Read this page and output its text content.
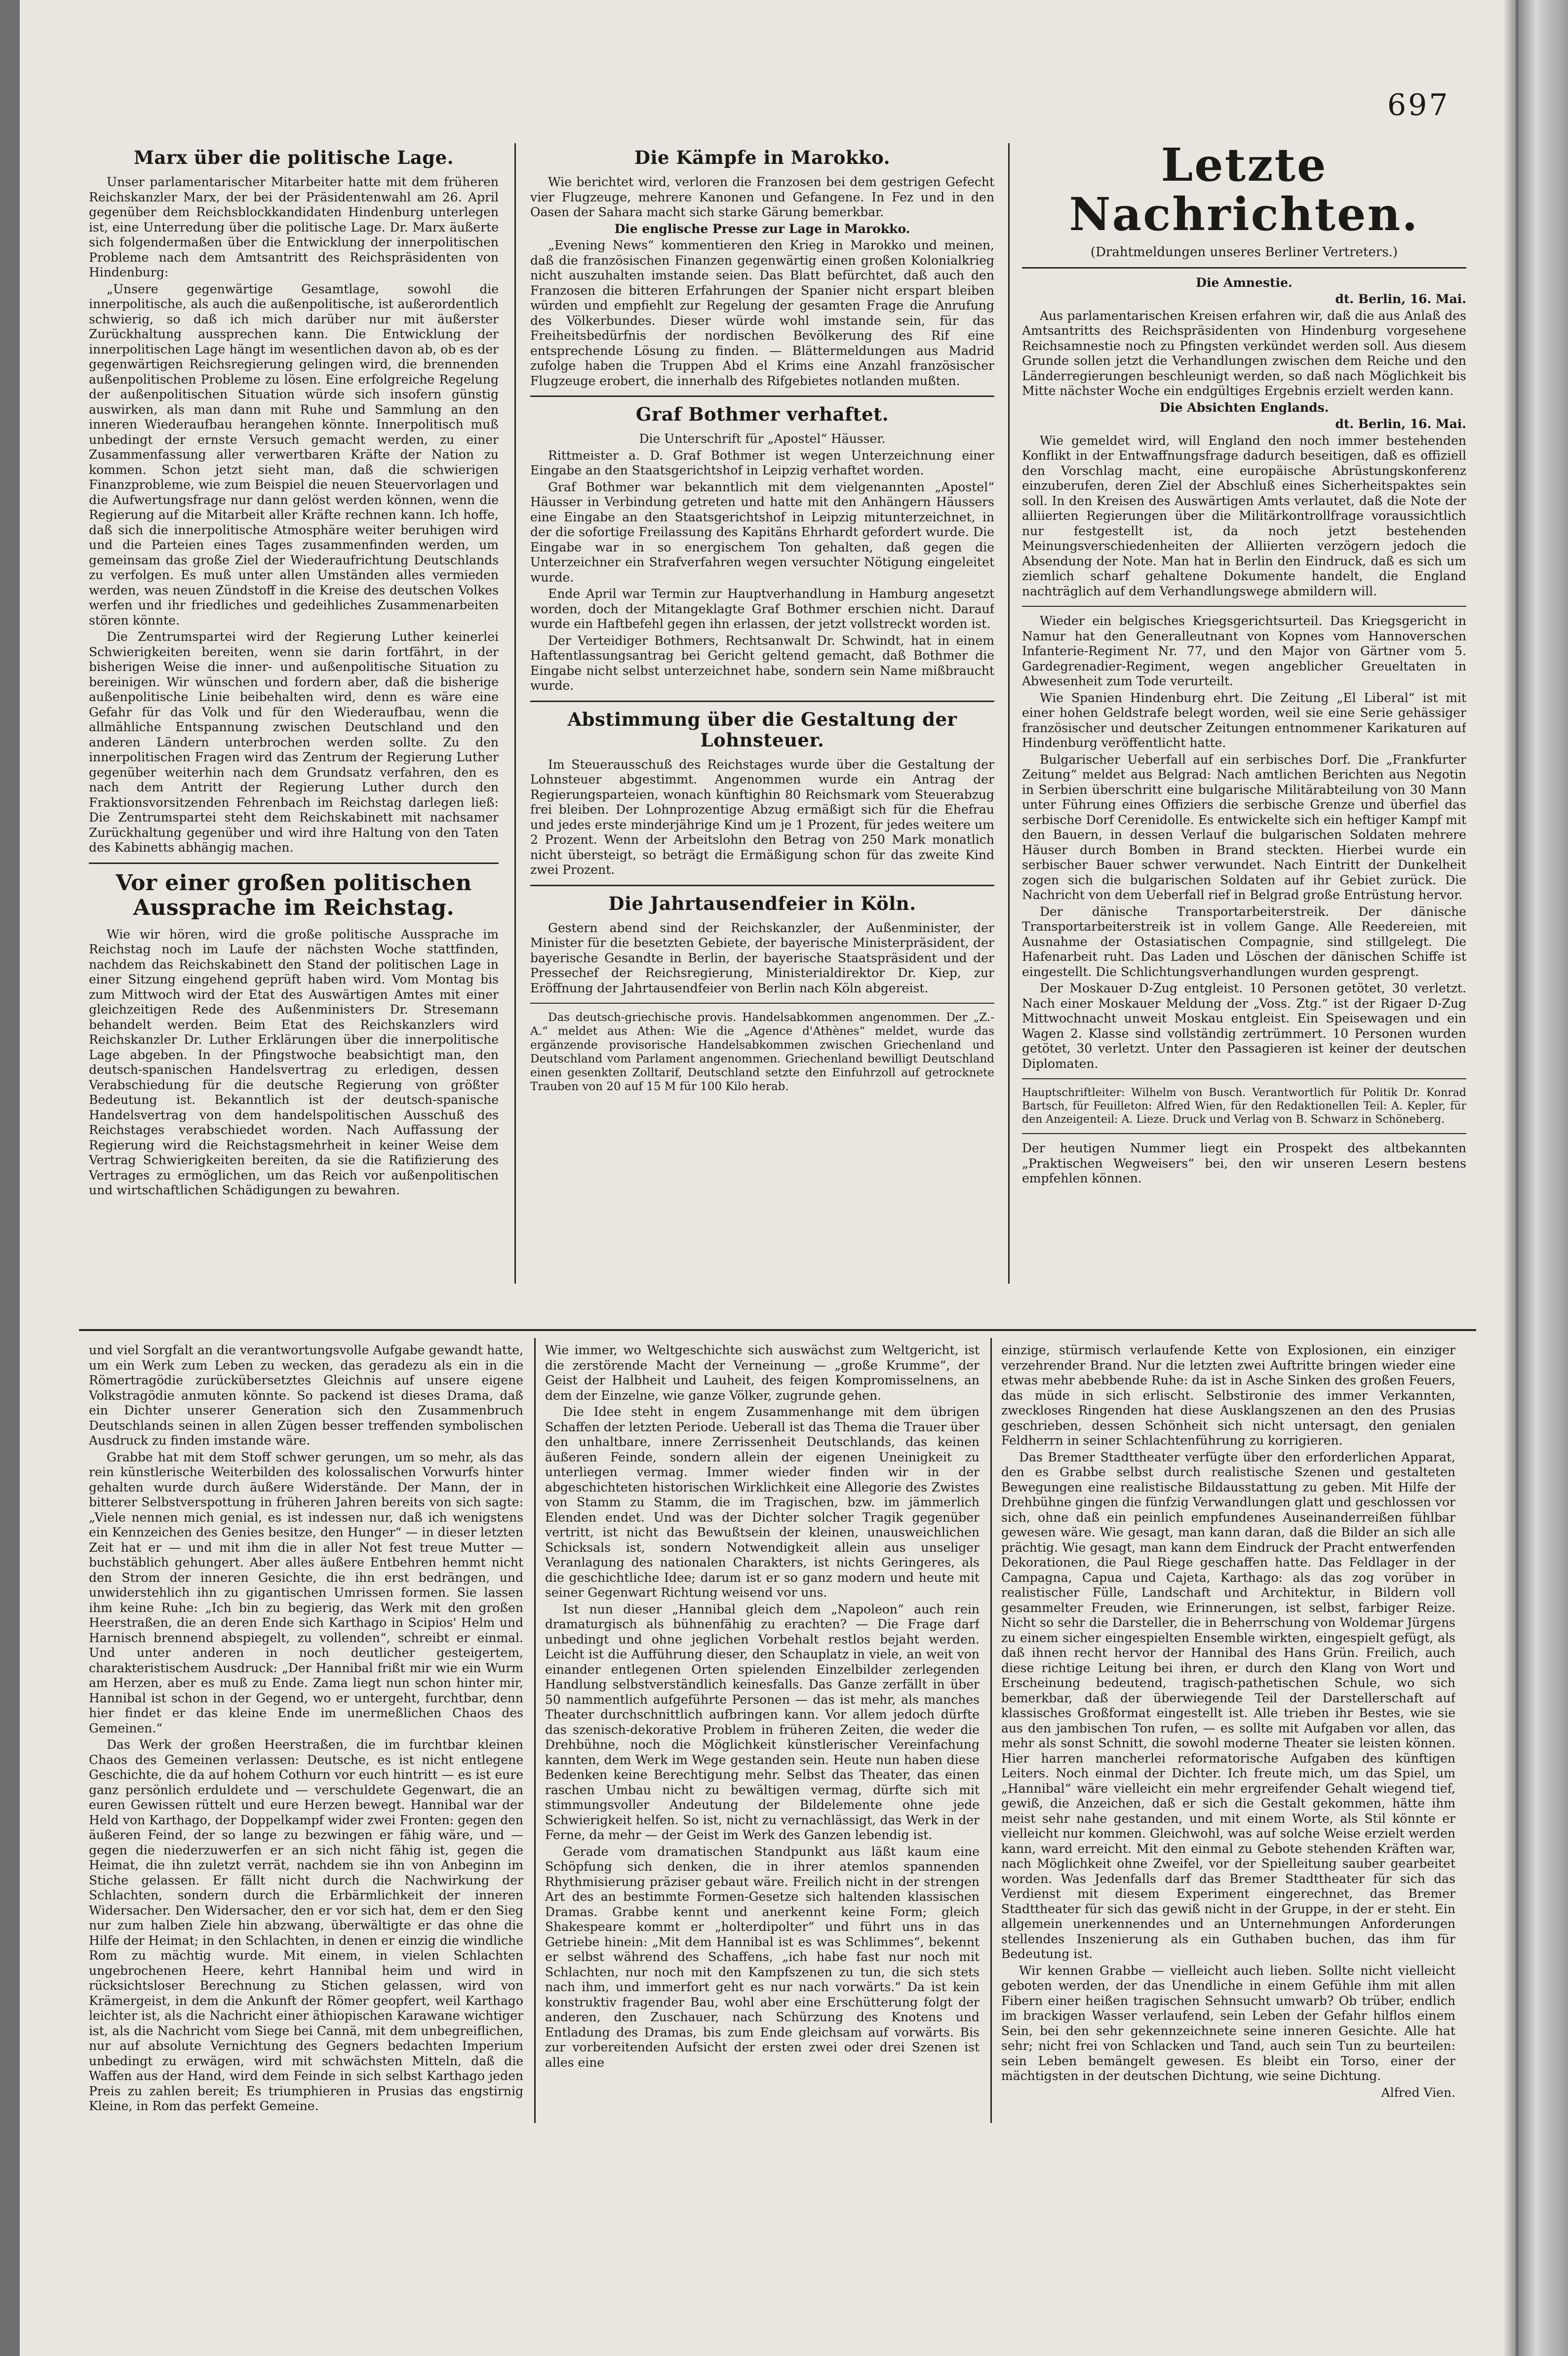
697
Marx über die politische Lage.

Unser parlamentarischer Mitarbeiter hatte mit dem früheren Reichskanzler Marx, der bei der Präsidentenwahl am 26. April gegenüber dem Reichsblockkandidaten Hindenburg unterlegen ist, eine Unterredung über die politische Lage. Dr. Marx äußerte sich folgendermaßen über die Entwicklung der innerpolitischen Probleme nach dem Amtsantritt des Reichspräsidenten von Hindenburg:

„Unsere gegenwärtige Gesamtlage, sowohl die innerpolitische, als auch die außenpolitische, ist außerordentlich schwierig, so daß ich mich darüber nur mit äußerster Zurückhaltung aussprechen kann. Die Entwicklung der innerpolitischen Lage hängt im wesentlichen davon ab, ob es der gegenwärtigen Reichsregierung gelingen wird, die brennenden außenpolitischen Probleme zu lösen. Eine erfolgreiche Regelung der außenpolitischen Situation würde sich insofern günstig auswirken, als man dann mit Ruhe und Sammlung an den inneren Wiederaufbau herangehen könnte. Innerpolitisch muß unbedingt der ernste Versuch gemacht werden, zu einer Zusammenfassung aller verwertbaren Kräfte der Nation zu kommen. Schon jetzt sieht man, daß die schwierigen Finanzprobleme, wie zum Beispiel die neuen Steuervorlagen und die Aufwertungsfrage nur dann gelöst werden können, wenn die Regierung auf die Mitarbeit aller Kräfte rechnen kann. Ich hoffe, daß sich die innerpolitische Atmosphäre weiter beruhigen wird und die Parteien eines Tages zusammenfinden werden, um gemeinsam das große Ziel der Wiederaufrichtung Deutschlands zu verfolgen. Es muß unter allen Umständen alles vermieden werden, was neuen Zündstoff in die Kreise des deutschen Volkes werfen und ihr friedliches und gedeihliches Zusammenarbeiten stören könnte.

Die Zentrumspartei wird der Regierung Luther keinerlei Schwierigkeiten bereiten, wenn sie darin fortfährt, in der bisherigen Weise die inner- und außenpolitische Situation zu bereinigen. Wir wünschen und fordern aber, daß die bisherige außenpolitische Linie beibehalten wird, denn es wäre eine Gefahr für das Volk und für den Wiederaufbau, wenn die allmähliche Entspannung zwischen Deutschland und den anderen Ländern unterbrochen werden sollte. Zu den innerpolitischen Fragen wird das Zentrum der Regierung Luther gegenüber weiterhin nach dem Grundsatz verfahren, den es nach dem Antritt der Regierung Luther durch den Fraktionsvorsitzenden Fehrenbach im Reichstag darlegen ließ: Die Zentrumspartei steht dem Reichskabinett mit nachsamer Zurückhaltung gegenüber und wird ihre Haltung von den Taten des Kabinetts abhängig machen.

Vor einer großen politischen Aussprache im Reichstag.

Wie wir hören, wird die große politische Aussprache im Reichstag noch im Laufe der nächsten Woche stattfinden, nachdem das Reichskabinett den Stand der politischen Lage in einer Sitzung eingehend geprüft haben wird. Vom Montag bis zum Mittwoch wird der Etat des Auswärtigen Amtes mit einer gleichzeitigen Rede des Außenministers Dr. Stresemann behandelt werden. Beim Etat des Reichskanzlers wird Reichskanzler Dr. Luther Erklärungen über die innerpolitische Lage abgeben. In der Pfingstwoche beabsichtigt man, den deutsch-spanischen Handelsvertrag zu erledigen, dessen Verabschiedung für die deutsche Regierung von größter Bedeutung ist. Bekanntlich ist der deutsch-spanische Handelsvertrag von dem handelspolitischen Ausschuß des Reichstages verabschiedet worden. Nach Auffassung der Regierung wird die Reichstagsmehrheit in keiner Weise dem Vertrag Schwierigkeiten bereiten, da sie die Ratifizierung des Vertrages zu ermöglichen, um das Reich vor außenpolitischen und wirtschaftlichen Schädigungen zu bewahren.

Die Kämpfe in Marokko.

Wie berichtet wird, verloren die Franzosen bei dem gestrigen Gefecht vier Flugzeuge, mehrere Kanonen und Gefangene. In Fez und in den Oasen der Sahara macht sich starke Gärung bemerkbar.

Die englische Presse zur Lage in Marokko.

„Evening News“ kommentieren den Krieg in Marokko und meinen, daß die französischen Finanzen gegenwärtig einen großen Kolonialkrieg nicht auszuhalten imstande seien. Das Blatt befürchtet, daß auch den Franzosen die bitteren Erfahrungen der Spanier nicht erspart bleiben würden und empfiehlt zur Regelung der gesamten Frage die Anrufung des Völkerbundes. Dieser würde wohl imstande sein, für das Freiheitsbedürfnis der nordischen Bevölkerung des Rif eine entsprechende Lösung zu finden. — Blättermeldungen aus Madrid zufolge haben die Truppen Abd el Krims eine Anzahl französischer Flugzeuge erobert, die innerhalb des Rifgebietes notlanden mußten.

Graf Bothmer verhaftet.

Die Unterschrift für „Apostel“ Häusser.

Rittmeister a. D. Graf Bothmer ist wegen Unterzeichnung einer Eingabe an den Staatsgerichtshof in Leipzig verhaftet worden.

Graf Bothmer war bekanntlich mit dem vielgenannten „Apostel“ Häusser in Verbindung getreten und hatte mit den Anhängern Häussers eine Eingabe an den Staatsgerichtshof in Leipzig mitunterzeichnet, in der die sofortige Freilassung des Kapitäns Ehrhardt gefordert wurde. Die Eingabe war in so energischem Ton gehalten, daß gegen die Unterzeichner ein Strafverfahren wegen versuchter Nötigung eingeleitet wurde.

Ende April war Termin zur Hauptverhandlung in Hamburg angesetzt worden, doch der Mitangeklagte Graf Bothmer erschien nicht. Darauf wurde ein Haftbefehl gegen ihn erlassen, der jetzt vollstreckt worden ist.

Der Verteidiger Bothmers, Rechtsanwalt Dr. Schwindt, hat in einem Haftentlassungsantrag bei Gericht geltend gemacht, daß Bothmer die Eingabe nicht selbst unterzeichnet habe, sondern sein Name mißbraucht wurde.

Abstimmung über die Gestaltung der Lohnsteuer.

Im Steuerausschuß des Reichstages wurde über die Gestaltung der Lohnsteuer abgestimmt. Angenommen wurde ein Antrag der Regierungsparteien, wonach künftighin 80 Reichsmark vom Steuerabzug frei bleiben. Der Lohnprozentige Abzug ermäßigt sich für die Ehefrau und jedes erste minderjährige Kind um je 1 Prozent, für jedes weitere um 2 Prozent. Wenn der Arbeitslohn den Betrag von 250 Mark monatlich nicht übersteigt, so beträgt die Ermäßigung schon für das zweite Kind zwei Prozent.

Die Jahrtausendfeier in Köln.

Gestern abend sind der Reichskanzler, der Außenminister, der Minister für die besetzten Gebiete, der bayerische Ministerpräsident, der bayerische Gesandte in Berlin, der bayerische Staatspräsident und der Pressechef der Reichsregierung, Ministerialdirektor Dr. Kiep, zur Eröffnung der Jahrtausendfeier von Berlin nach Köln abgereist.

Das deutsch-griechische provis. Handelsabkommen angenommen. Der „Z.-A.“ meldet aus Athen: Wie die „Agence d'Athènes“ meldet, wurde das ergänzende provisorische Handelsabkommen zwischen Griechenland und Deutschland vom Parlament angenommen. Griechenland bewilligt Deutschland einen gesenkten Zolltarif, Deutschland setzte den Einfuhrzoll auf getrocknete Trauben von 20 auf 15 M für 100 Kilo herab.

Letzte Nachrichten.
(Drahtmeldungen unseres Berliner Vertreters.)

Die Amnestie.

dt. Berlin, 16. Mai.

Aus parlamentarischen Kreisen erfahren wir, daß die aus Anlaß des Amtsantritts des Reichspräsidenten von Hindenburg vorgesehene Reichsamnestie noch zu Pfingsten verkündet werden soll. Aus diesem Grunde sollen jetzt die Verhandlungen zwischen dem Reiche und den Länderregierungen beschleunigt werden, so daß nach Möglichkeit bis Mitte nächster Woche ein endgültiges Ergebnis erzielt werden kann.

Die Absichten Englands.

dt. Berlin, 16. Mai.

Wie gemeldet wird, will England den noch immer bestehenden Konflikt in der Entwaffnungsfrage dadurch beseitigen, daß es offiziell den Vorschlag macht, eine europäische Abrüstungskonferenz einzuberufen, deren Ziel der Abschluß eines Sicherheitspaktes sein soll. In den Kreisen des Auswärtigen Amts verlautet, daß die Note der alliierten Regierungen über die Militärkontrollfrage voraussichtlich nur festgestellt ist, da noch jetzt bestehenden Meinungsverschiedenheiten der Alliierten verzögern jedoch die Absendung der Note. Man hat in Berlin den Eindruck, daß es sich um ziemlich scharf gehaltene Dokumente handelt, die England nachträglich auf dem Verhandlungswege abmildern will.

Wieder ein belgisches Kriegsgerichtsurteil. Das Kriegsgericht in Namur hat den Generalleutnant von Kopnes vom Hannoverschen Infanterie-Regiment Nr. 77, und den Major von Gärtner vom 5. Gardegrenadier-Regiment, wegen angeblicher Greueltaten in Abwesenheit zum Tode verurteilt.

Wie Spanien Hindenburg ehrt. Die Zeitung „El Liberal“ ist mit einer hohen Geldstrafe belegt worden, weil sie eine Serie gehässiger französischer und deutscher Zeitungen entnommener Karikaturen auf Hindenburg veröffentlicht hatte.

Bulgarischer Ueberfall auf ein serbisches Dorf. Die „Frankfurter Zeitung“ meldet aus Belgrad: Nach amtlichen Berichten aus Negotin in Serbien überschritt eine bulgarische Militärabteilung von 30 Mann unter Führung eines Offiziers die serbische Grenze und überfiel das serbische Dorf Cerenidolle. Es entwickelte sich ein heftiger Kampf mit den Bauern, in dessen Verlauf die bulgarischen Soldaten mehrere Häuser durch Bomben in Brand steckten. Hierbei wurde ein serbischer Bauer schwer verwundet. Nach Eintritt der Dunkelheit zogen sich die bulgarischen Soldaten auf ihr Gebiet zurück. Die Nachricht von dem Ueberfall rief in Belgrad große Entrüstung hervor.

Der dänische Transportarbeiterstreik. Der dänische Transportarbeiterstreik ist in vollem Gange. Alle Reedereien, mit Ausnahme der Ostasiatischen Compagnie, sind stillgelegt. Die Hafenarbeit ruht. Das Laden und Löschen der dänischen Schiffe ist eingestellt. Die Schlichtungsverhandlungen wurden gesprengt.

Der Moskauer D-Zug entgleist. 10 Personen getötet, 30 verletzt. Nach einer Moskauer Meldung der „Voss. Ztg.“ ist der Rigaer D-Zug Mittwochnacht unweit Moskau entgleist. Ein Speisewagen und ein Wagen 2. Klasse sind vollständig zertrümmert. 10 Personen wurden getötet, 30 verletzt. Unter den Passagieren ist keiner der deutschen Diplomaten.

Hauptschriftleiter: Wilhelm von Busch. Verantwortlich für Politik Dr. Konrad Bartsch, für Feuilleton: Alfred Wien, für den Redaktionellen Teil: A. Kepler, für den Anzeigenteil: A. Lieze. Druck und Verlag von B. Schwarz in Schöneberg.

Der heutigen Nummer liegt ein Prospekt des altbekannten „Praktischen Wegweisers“ bei, den wir unseren Lesern bestens empfehlen können.

und viel Sorgfalt an die verantwortungsvolle Aufgabe gewandt hatte, um ein Werk zum Leben zu wecken, das geradezu als ein in die Römertragödie zurückübersetztes Gleichnis auf unsere eigene Volkstragödie anmuten könnte. So packend ist dieses Drama, daß ein Dichter unserer Generation sich den Zusammenbruch Deutschlands seinen in allen Zügen besser treffenden symbolischen Ausdruck zu finden imstande wäre.

Grabbe hat mit dem Stoff schwer gerungen, um so mehr, als das rein künstlerische Weiterbilden des kolossalischen Vorwurfs hinter gehalten wurde durch äußere Widerstände. Der Mann, der in bitterer Selbstverspottung in früheren Jahren bereits von sich sagte: „Viele nennen mich genial, es ist indessen nur, daß ich wenigstens ein Kennzeichen des Genies besitze, den Hunger“ — in dieser letzten Zeit hat er — und mit ihm die in aller Not fest treue Mutter — buchstäblich gehungert. Aber alles äußere Entbehren hemmt nicht den Strom der inneren Gesichte, die ihn erst bedrängen, und unwiderstehlich ihn zu gigantischen Umrissen formen. Sie lassen ihm keine Ruhe: „Ich bin zu begierig, das Werk mit den großen Heerstraßen, die an deren Ende sich Karthago in Scipios' Helm und Harnisch brennend abspiegelt, zu vollenden“, schreibt er einmal. Und unter anderen in noch deutlicher gesteigertem, charakteristischem Ausdruck: „Der Hannibal frißt mir wie ein Wurm am Herzen, aber es muß zu Ende. Zama liegt nun schon hinter mir, Hannibal ist schon in der Gegend, wo er untergeht, furchtbar, denn hier findet er das kleine Ende im unermeßlichen Chaos des Gemeinen.“

Das Werk der großen Heerstraßen, die im furchtbar kleinen Chaos des Gemeinen verlassen: Deutsche, es ist nicht entlegene Geschichte, die da auf hohem Cothurn vor euch hintritt — es ist eure ganz persönlich erduldete und — verschuldete Gegenwart, die an euren Gewissen rüttelt und eure Herzen bewegt. Hannibal war der Held von Karthago, der Doppelkampf wider zwei Fronten: gegen den äußeren Feind, der so lange zu bezwingen er fähig wäre, und — gegen die niederzuwerfen er an sich nicht fähig ist, gegen die Heimat, die ihn zuletzt verrät, nachdem sie ihn von Anbeginn im Stiche gelassen. Er fällt nicht durch die Nachwirkung der Schlachten, sondern durch die Erbärmlichkeit der inneren Widersacher. Den Widersacher, den er vor sich hat, dem er den Sieg nur zum halben Ziele hin abzwang, überwältigte er das ohne die Hilfe der Heimat; in den Schlachten, in denen er einzig die windliche Rom zu mächtig wurde. Mit einem, in vielen Schlachten ungebrochenen Heere, kehrt Hannibal heim und wird in rücksichtsloser Berechnung zu Stichen gelassen, wird von Krämergeist, in dem die Ankunft der Römer geopfert, weil Karthago leichter ist, als die Nachricht einer äthiopischen Karawane wichtiger ist, als die Nachricht vom Siege bei Cannä, mit dem unbegreiflichen, nur auf absolute Vernichtung des Gegners bedachten Imperium unbedingt zu erwägen, wird mit schwächsten Mitteln, daß die Waffen aus der Hand, wird dem Feinde in sich selbst Karthago jeden Preis zu zahlen bereit; Es triumphieren in Prusias das engstirnig Kleine, in Rom das perfekt Gemeine.

Wie immer, wo Weltgeschichte sich auswächst zum Weltgericht, ist die zerstörende Macht der Verneinung — „große Krumme“, der Geist der Halbheit und Lauheit, des feigen Kompromisselnens, an dem der Einzelne, wie ganze Völker, zugrunde gehen.

Die Idee steht in engem Zusammenhange mit dem übrigen Schaffen der letzten Periode. Ueberall ist das Thema die Trauer über den unhaltbare, innere Zerrissenheit Deutschlands, das keinen äußeren Feinde, sondern allein der eigenen Uneinigkeit zu unterliegen vermag. Immer wieder finden wir in der abgeschichteten historischen Wirklichkeit eine Allegorie des Zwistes von Stamm zu Stamm, die im Tragischen, bzw. im jämmerlich Elenden endet. Und was der Dichter solcher Tragik gegenüber vertritt, ist nicht das Bewußtsein der kleinen, unausweichlichen Schicksals ist, sondern Notwendigkeit allein aus unseliger Veranlagung des nationalen Charakters, ist nichts Geringeres, als die geschichtliche Idee; darum ist er so ganz modern und heute mit seiner Gegenwart Richtung weisend vor uns.

Ist nun dieser „Hannibal gleich dem „Napoleon“ auch rein dramaturgisch als bühnenfähig zu erachten? — Die Frage darf unbedingt und ohne jeglichen Vorbehalt restlos bejaht werden. Leicht ist die Aufführung dieser, den Schauplatz in viele, an weit von einander entlegenen Orten spielenden Einzelbilder zerlegenden Handlung selbstverständlich keinesfalls. Das Ganze zerfällt in über 50 nammentlich aufgeführte Personen — das ist mehr, als manches Theater durchschnittlich aufbringen kann. Vor allem jedoch dürfte das szenisch-dekorative Problem in früheren Zeiten, die weder die Drehbühne, noch die Möglichkeit künstlerischer Vereinfachung kannten, dem Werk im Wege gestanden sein. Heute nun haben diese Bedenken keine Berechtigung mehr. Selbst das Theater, das einen raschen Umbau nicht zu bewältigen vermag, dürfte sich mit stimmungsvoller Andeutung der Bildelemente ohne jede Schwierigkeit helfen. So ist, nicht zu vernachlässigt, das Werk in der Ferne, da mehr — der Geist im Werk des Ganzen lebendig ist.

Gerade vom dramatischen Standpunkt aus läßt kaum eine Schöpfung sich denken, die in ihrer atemlos spannenden Rhythmisierung präziser gebaut wäre. Freilich nicht in der strengen Art des an bestimmte Formen-Gesetze sich haltenden klassischen Dramas. Grabbe kennt und anerkennt keine Form; gleich Shakespeare kommt er „holterdipolter“ und führt uns in das Getriebe hinein: „Mit dem Hannibal ist es was Schlimmes“, bekennt er selbst während des Schaffens, „ich habe fast nur noch mit Schlachten, nur noch mit den Kampfszenen zu tun, die sich stets nach ihm, und immerfort geht es nur nach vorwärts.“ Da ist kein konstruktiv fragender Bau, wohl aber eine Erschütterung folgt der anderen, den Zuschauer, nach Schürzung des Knotens und Entladung des Dramas, bis zum Ende gleichsam auf vorwärts. Bis zur vorbereitenden Aufsicht der ersten zwei oder drei Szenen ist alles eine

einzige, stürmisch verlaufende Kette von Explosionen, ein einziger verzehrender Brand. Nur die letzten zwei Auftritte bringen wieder eine etwas mehr abebbende Ruhe: da ist in Asche Sinken des großen Feuers, das müde in sich erlischt. Selbstironie des immer Verkannten, zweckloses Ringenden hat diese Ausklangszenen an den des Prusias geschrieben, dessen Schönheit sich nicht untersagt, den genialen Feldherrn in seiner Schlachtenführung zu korrigieren.

Das Bremer Stadttheater verfügte über den erforderlichen Apparat, den es Grabbe selbst durch realistische Szenen und gestalteten Bewegungen eine realistische Bildausstattung zu geben. Mit Hilfe der Drehbühne gingen die fünfzig Verwandlungen glatt und geschlossen vor sich, ohne daß ein peinlich empfundenes Auseinanderreißen fühlbar gewesen wäre. Wie gesagt, man kann daran, daß die Bilder an sich alle prächtig. Wie gesagt, man kann dem Eindruck der Pracht entwerfenden Dekorationen, die Paul Riege geschaffen hatte. Das Feldlager in der Campagna, Capua und Cajeta, Karthago: als das zog vorüber in realistischer Fülle, Landschaft und Architektur, in Bildern voll gesammelter Freuden, wie Erinnerungen, ist selbst, farbiger Reize. Nicht so sehr die Darsteller, die in Beherrschung von Woldemar Jürgens zu einem sicher eingespielten Ensemble wirkten, eingespielt gefügt, als daß ihnen recht hervor der Hannibal des Hans Grün. Freilich, auch diese richtige Leitung bei ihren, er durch den Klang von Wort und Erscheinung bedeutend, tragisch-pathetischen Schule, wo sich bemerkbar, daß der überwiegende Teil der Darstellerschaft auf klassisches Großformat eingestellt ist. Alle trieben ihr Bestes, wie sie aus den jambischen Ton rufen, — es sollte mit Aufgaben vor allen, das mehr als sonst Schnitt, die sowohl moderne Theater sie leisten können. Hier harren mancherlei reformatorische Aufgaben des künftigen Leiters. Noch einmal der Dichter. Ich freute mich, um das Spiel, um „Hannibal“ wäre vielleicht ein mehr ergreifender Gehalt wiegend tief, gewiß, die Anzeichen, daß er sich die Gestalt gekommen, hätte ihm meist sehr nahe gestanden, und mit einem Worte, als Stil könnte er vielleicht nur kommen. Gleichwohl, was auf solche Weise erzielt werden kann, ward erreicht. Mit den einmal zu Gebote stehenden Kräften war, nach Möglichkeit ohne Zweifel, vor der Spielleitung sauber gearbeitet worden. Was Jedenfalls darf das Bremer Stadttheater für sich das Verdienst mit diesem Experiment eingerechnet, das Bremer Stadttheater für sich das gewiß nicht in der Gruppe, in der er steht. Ein allgemein unerkennendes und an Unternehmungen Anforderungen stellendes Inszenierung als ein Guthaben buchen, das ihm für Bedeutung ist.

Wir kennen Grabbe — vielleicht auch lieben. Sollte nicht vielleicht geboten werden, der das Unendliche in einem Gefühle ihm mit allen Fibern einer heißen tragischen Sehnsucht umwarb? Ob trüber, endlich im brackigen Wasser verlaufend, sein Leben der Gefahr hilflos einem Sein, bei den sehr gekennzeichnete seine inneren Gesichte. Alle hat sehr; nicht frei von Schlacken und Tand, auch sein Tun zu beurteilen: sein Leben bemängelt gewesen. Es bleibt ein Torso, einer der mächtigsten in der deutschen Dichtung, wie seine Dichtung.

Alfred Vien.
